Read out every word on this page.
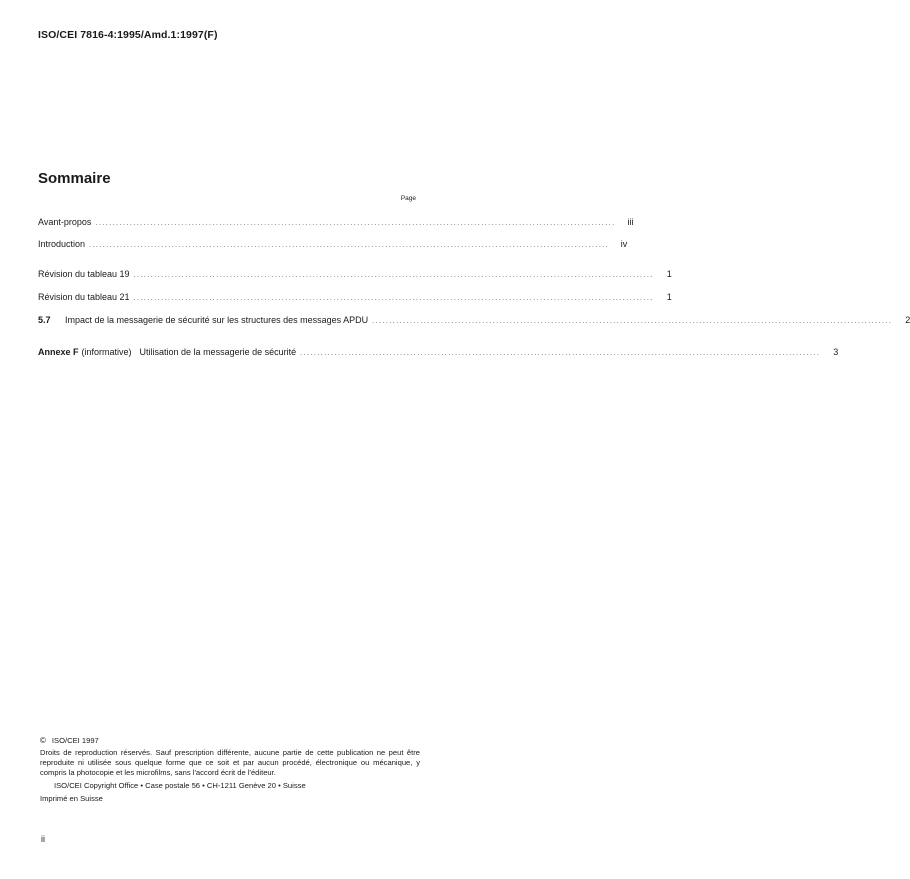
ISO/CEI 7816-4:1995/Amd.1:1997(F)
Sommaire
Page
Avant-propos .......................................................................................................................................................	iii
Introduction .......................................................................................................................................................	iv
Révision du tableau 19 .......................................................................................................................................................	1
Révision du tableau 21 .......................................................................................................................................................	1
5.7	Impact de la messagerie de sécurité sur les structures des messages APDU .......................................................................................................................................................	2
Annexe F (informative) Utilisation de la messagerie de sécurité .......................................................................................................................................................	3

© ISO/CEI 1997

Droits de reproduction réservés. Sauf prescription différente, aucune partie de cette publication ne peut être reproduite ni utilisée sous quelque forme que ce soit et par aucun procédé, électronique ou mécanique, y compris la photocopie et les microfilms, sans l'accord écrit de l'éditeur.

ISO/CEI Copyright Office • Case postale 56 • CH-1211 Genève 20 • Suisse

Imprimé en Suisse

ii
